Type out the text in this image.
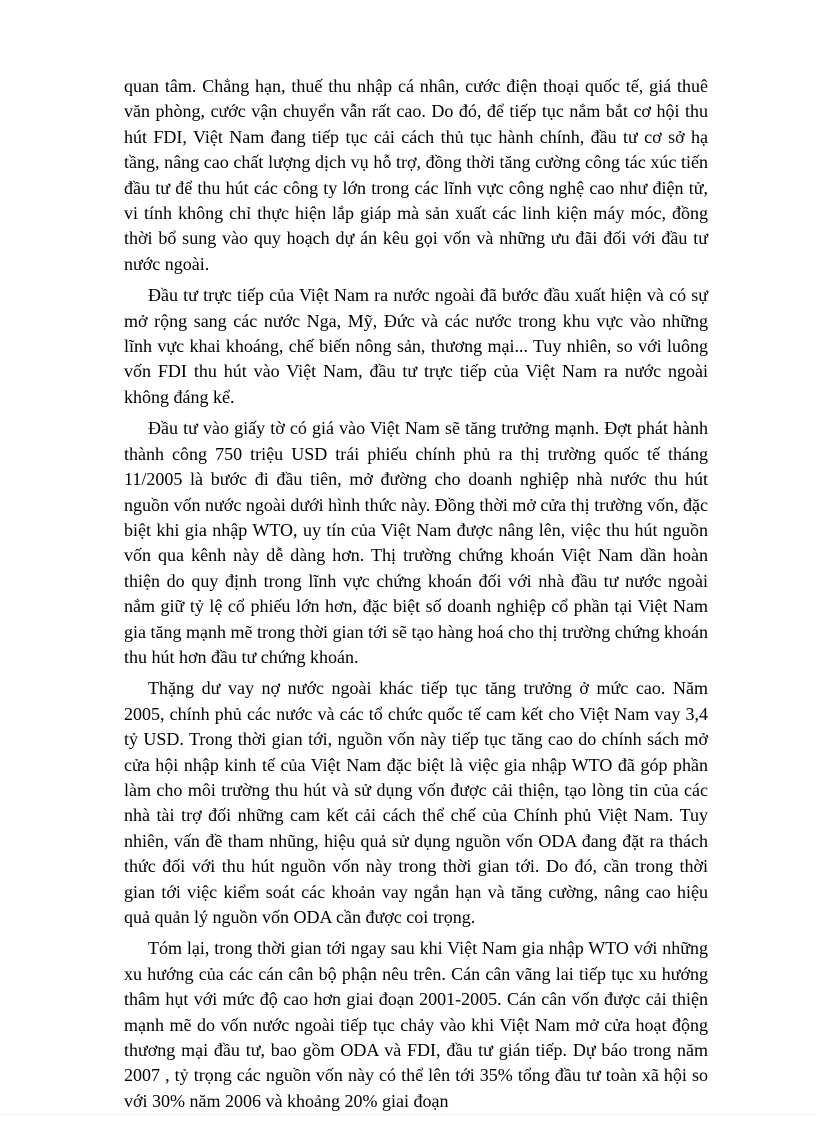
quan tâm. Chẳng hạn, thuế thu nhập cá nhân, cước điện thoại quốc tế, giá thuê văn phòng, cước vận chuyển vẫn rất cao. Do đó, để tiếp tục nắm bắt cơ hội thu hút FDI, Việt Nam đang tiếp tục cải cách thủ tục hành chính, đầu tư cơ sở hạ tầng, nâng cao chất lượng dịch vụ hỗ trợ, đồng thời tăng cường công tác xúc tiến đầu tư để thu hút các công ty lớn trong các lĩnh vực công nghệ cao như điện tử, vi tính không chỉ thực hiện lắp giáp mà sản xuất các linh kiện máy móc, đồng thời bổ sung vào quy hoạch dự án kêu gọi vốn và những ưu đãi đối với đầu tư nước ngoài.

Đầu tư trực tiếp của Việt Nam ra nước ngoài đã bước đầu xuất hiện và có sự mở rộng sang các nước Nga, Mỹ, Đức và các nước trong khu vực vào những lĩnh vực khai khoáng, chế biến nông sản, thương mại... Tuy nhiên, so với luông vốn FDI thu hút vào Việt Nam, đầu tư trực tiếp của Việt Nam ra nước ngoài không đáng kể.

Đầu tư vào giấy tờ có giá vào Việt Nam sẽ tăng trưởng mạnh. Đợt phát hành thành công 750 triệu USD trái phiếu chính phủ ra thị trường quốc tế tháng 11/2005 là bước đi đầu tiên, mở đường cho doanh nghiệp nhà nước thu hút nguồn vốn nước ngoài dưới hình thức này. Đồng thời mở cửa thị trường vốn, đặc biệt khi gia nhập WTO, uy tín của Việt Nam được nâng lên, việc thu hút nguồn vốn qua kênh này dễ dàng hơn. Thị trường chứng khoán Việt Nam dần hoàn thiện do quy định trong lĩnh vực chứng khoán đối với nhà đầu tư nước ngoài nắm giữ tỷ lệ cổ phiếu lớn hơn, đặc biệt số doanh nghiệp cổ phần tại Việt Nam gia tăng mạnh mẽ trong thời gian tới sẽ tạo hàng hoá cho thị trường chứng khoán thu hút hơn đầu tư chứng khoán.

Thặng dư vay nợ nước ngoài khác tiếp tục tăng trưởng ở mức cao. Năm 2005, chính phủ các nước và các tổ chức quốc tế cam kết cho Việt Nam vay 3,4 tỷ USD. Trong thời gian tới, nguồn vốn này tiếp tục tăng cao do chính sách mở cửa hội nhập kinh tế của Việt Nam đặc biệt là việc gia nhập WTO đã góp phần làm cho môi trường thu hút và sử dụng vốn được cải thiện, tạo lòng tin của các nhà tài trợ đối những cam kết cải cách thể chế của Chính phủ Việt Nam. Tuy nhiên, vấn đề tham nhũng, hiệu quả sử dụng nguồn vốn ODA đang đặt ra thách thức đối với thu hút nguồn vốn này trong thời gian tới. Do đó, cần trong thời gian tới việc kiểm soát các khoản vay ngắn hạn và tăng cường, nâng cao hiệu quả quản lý nguồn vốn ODA cần được coi trọng.

Tóm lại, trong thời gian tới ngay sau khi Việt Nam gia nhập WTO với những xu hướng của các cán cân bộ phận nêu trên. Cán cân vãng lai tiếp tục xu hướng thâm hụt với mức độ cao hơn giai đoạn 2001-2005. Cán cân vốn được cải thiện mạnh mẽ do vốn nước ngoài tiếp tục chảy vào khi Việt Nam mở cửa hoạt động thương mại đầu tư, bao gồm ODA và FDI, đầu tư gián tiếp. Dự báo trong năm 2007 , tỷ trọng các nguồn vốn này có thể lên tới 35% tổng đầu tư toàn xã hội so với 30% năm 2006 và khoảng 20% giai đoạn
